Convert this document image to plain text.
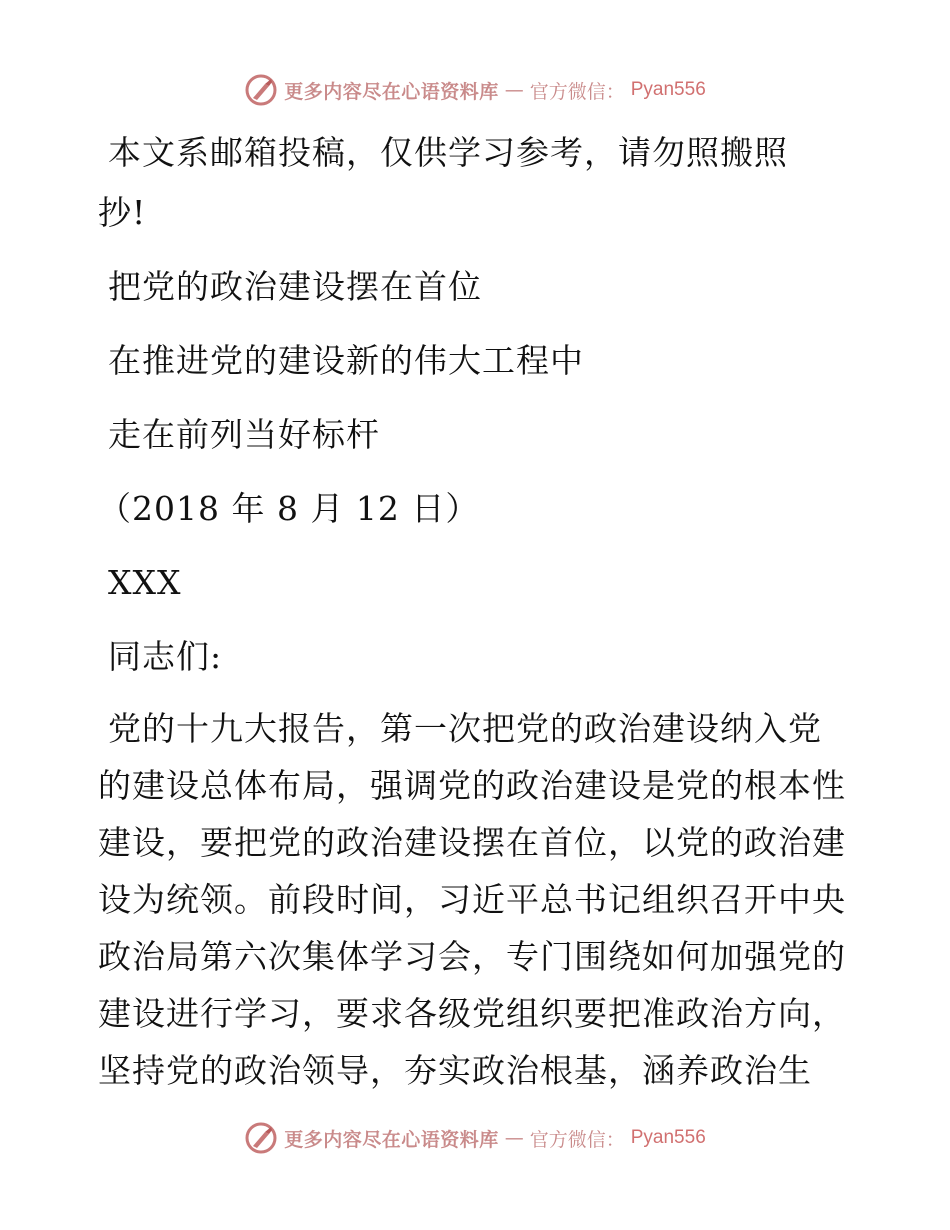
更多内容尽在心语资料库 — 官方微信： Pyan556
本文系邮箱投稿，仅供学习参考，请勿照搬照
抄!
把党的政治建设摆在首位
在推进党的建设新的伟大工程中
走在前列当好标杆
（2018 年 8 月 12 日）
XXX
同志们:
党的十九大报告，第一次把党的政治建设纳入党
的建设总体布局，强调党的政治建设是党的根本性
建设，要把党的政治建设摆在首位，以党的政治建
设为统领。前段时间，习近平总书记组织召开中央
政治局第六次集体学习会，专门围绕如何加强党的
建设进行学习，要求各级党组织要把准政治方向，
坚持党的政治领导，夯实政治根基，涵养政治生
更多内容尽在心语资料库 — 官方微信： Pyan556
